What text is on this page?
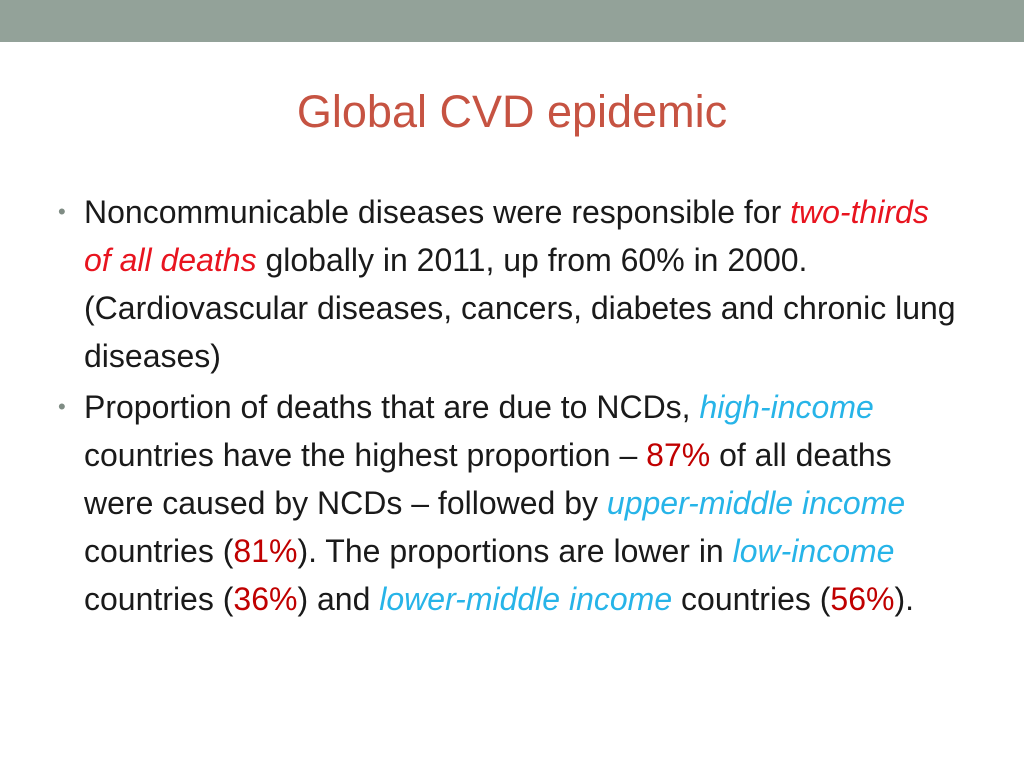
Global CVD epidemic
• Noncommunicable diseases were responsible for two-thirds of all deaths globally in 2011, up from 60% in 2000. (Cardiovascular diseases, cancers, diabetes and chronic lung diseases)
• Proportion of deaths that are due to NCDs, high-income countries have the highest proportion – 87% of all deaths were caused by NCDs – followed by upper-middle income countries (81%). The proportions are lower in low-income countries (36%) and lower-middle income countries (56%).
